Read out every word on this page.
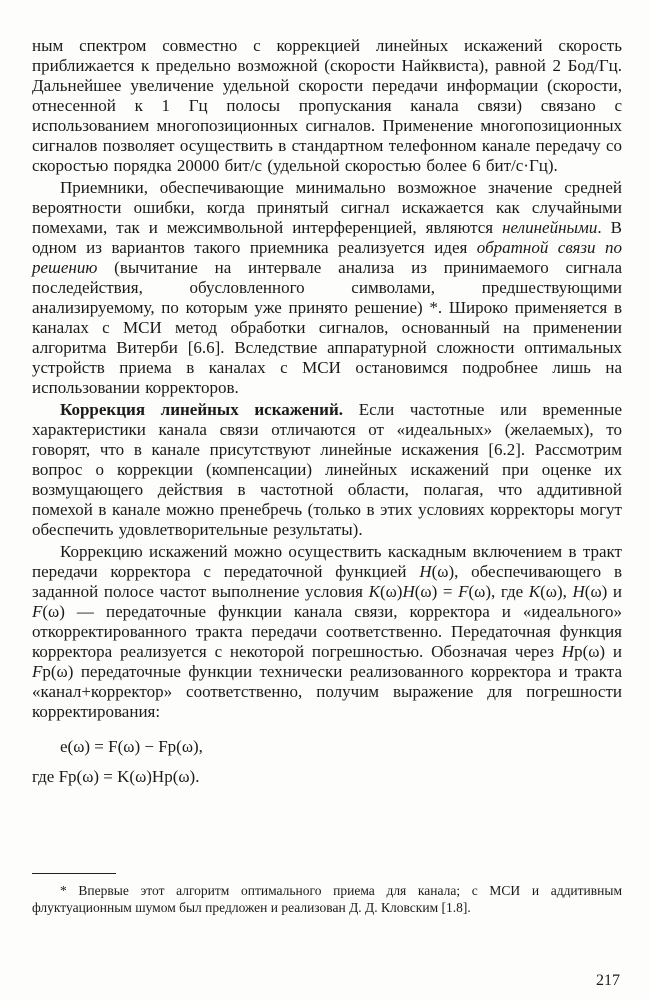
ным спектром совместно с коррекцией линейных искажений скорость приближается к предельно возможной (скорости Найквиста), равной 2 Бод/Гц. Дальнейшее увеличение удельной скорости передачи информации (скорости, отнесенной к 1 Гц полосы пропускания канала связи) связано с использованием многопозиционных сигналов. Применение многопозиционных сигналов позволяет осуществить в стандартном телефонном канале передачу со скоростью порядка 20000 бит/с (удельной скоростью более 6 бит/с·Гц).

Приемники, обеспечивающие минимально возможное значение средней вероятности ошибки, когда принятый сигнал искажается как случайными помехами, так и межсимвольной интерференцией, являются нелинейными. В одном из вариантов такого приемника реализуется идея обратной связи по решению (вычитание на интервале анализа из принимаемого сигнала последействия, обусловленного символами, предшествующими анализируемому, по которым уже принято решение) *. Широко применяется в каналах с МСИ метод обработки сигналов, основанный на применении алгоритма Витерби [6.6]. Вследствие аппаратурной сложности оптимальных устройств приема в каналах с МСИ остановимся подробнее лишь на использовании корректоров.

Коррекция линейных искажений. Если частотные или временные характеристики канала связи отличаются от «идеальных» (желаемых), то говорят, что в канале присутствуют линейные искажения [6.2]. Рассмотрим вопрос о коррекции (компенсации) линейных искажений при оценке их возмущающего действия в частотной области, полагая, что аддитивной помехой в канале можно пренебречь (только в этих условиях корректоры могут обеспечить удовлетворительные результаты).

Коррекцию искажений можно осуществить каскадным включением в тракт передачи корректора с передаточной функцией H(ω), обеспечивающего в заданной полосе частот выполнение условия K(ω)H(ω) = F(ω), где K(ω), H(ω) и F(ω) — передаточные функции канала связи, корректора и «идеального» откорректированного тракта передачи соответственно. Передаточная функция корректора реализуется с некоторой погрешностью. Обозначая через Hр(ω) и Fр(ω) передаточные функции технически реализованного корректора и тракта «канал+корректор» соответственно, получим выражение для погрешности корректирования:

e(ω) = F(ω) − Fр(ω),
где Fр(ω) = K(ω)Hр(ω).

* Впервые этот алгоритм оптимального приема для канала; с МСИ и аддитивным флуктуационным шумом был предложен и реализован Д. Д. Кловским [1.8].

217
